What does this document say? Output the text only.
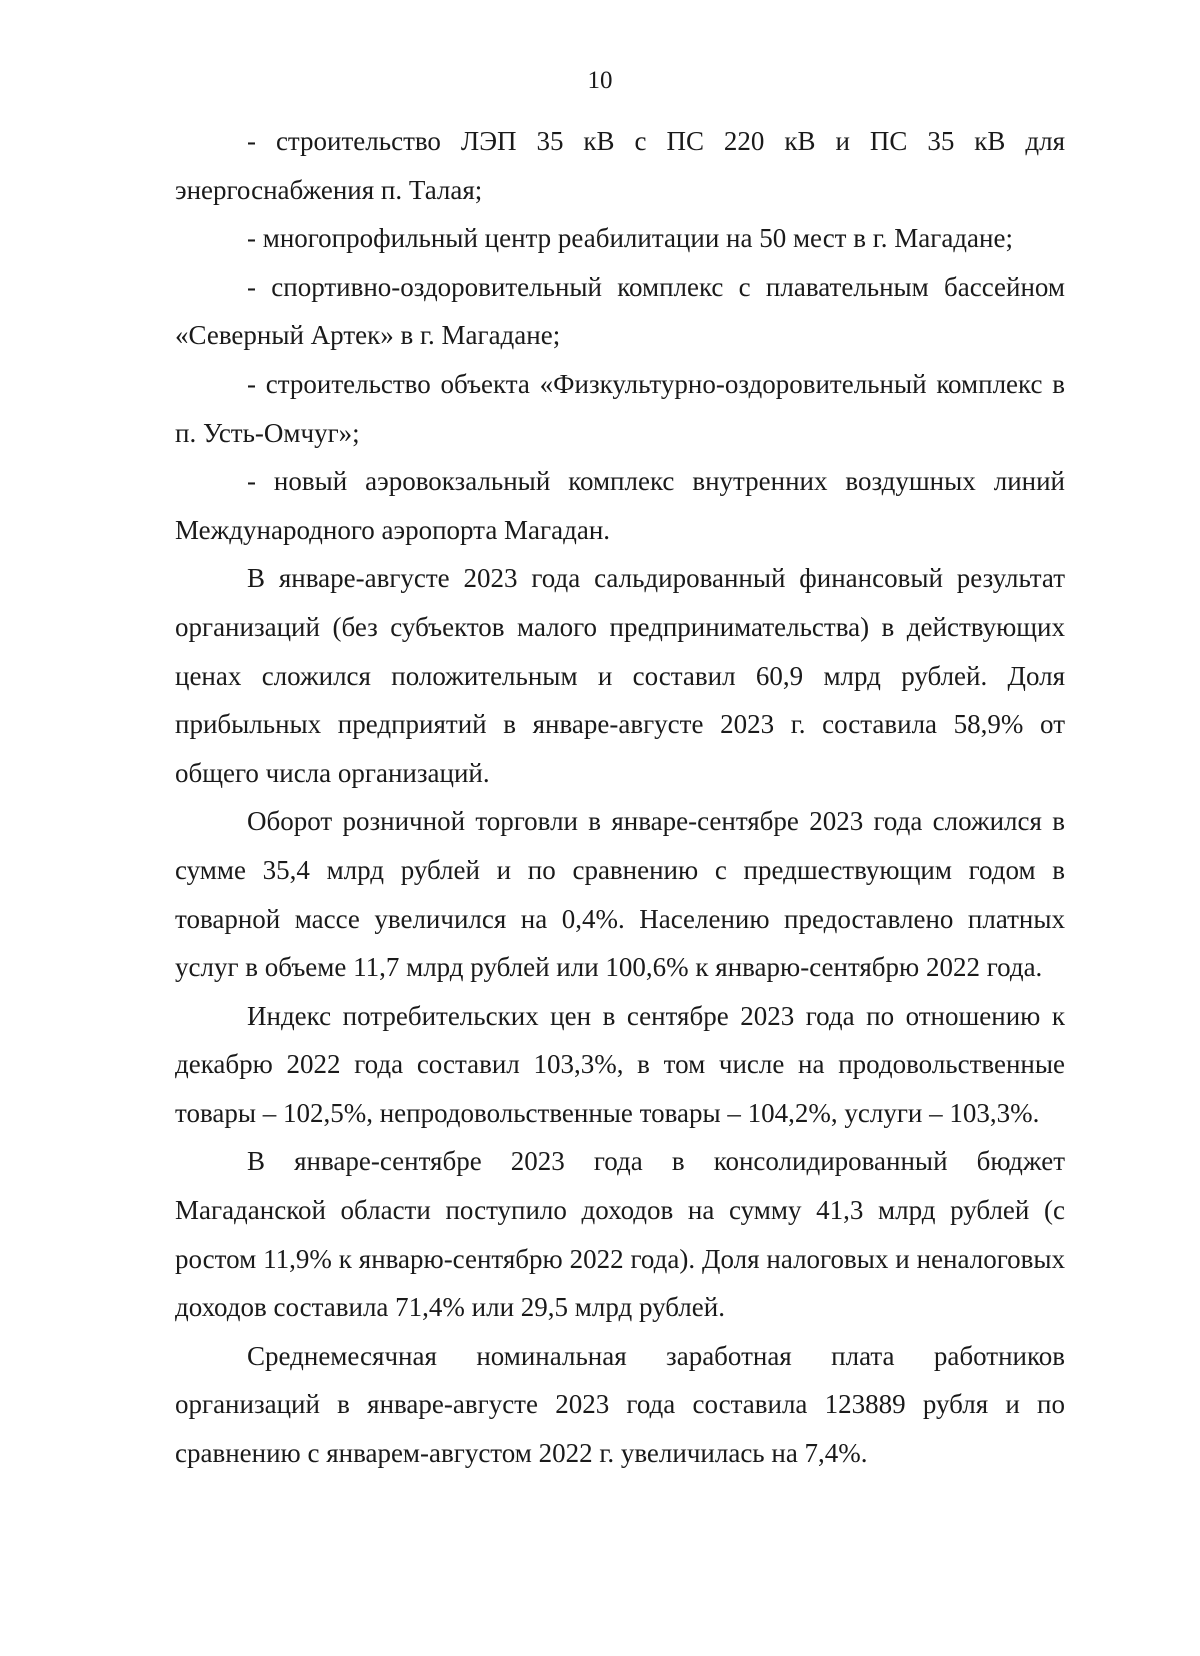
10

- строительство ЛЭП 35 кВ с ПС 220 кВ и ПС 35 кВ для энергоснабжения п. Талая;

- многопрофильный центр реабилитации на 50 мест в г. Магадане;

- спортивно-оздоровительный комплекс с плавательным бассейном «Северный Артек» в г. Магадане;

- строительство объекта «Физкультурно-оздоровительный комплекс в п. Усть-Омчуг»;

- новый аэровокзальный комплекс внутренних воздушных линий Международного аэропорта Магадан.

В январе-августе 2023 года сальдированный финансовый результат организаций (без субъектов малого предпринимательства) в действующих ценах сложился положительным и составил 60,9 млрд рублей. Доля прибыльных предприятий в январе-августе 2023 г. составила 58,9% от общего числа организаций.

Оборот розничной торговли в январе-сентябре 2023 года сложился в сумме 35,4 млрд рублей и по сравнению с предшествующим годом в товарной массе увеличился на 0,4%. Населению предоставлено платных услуг в объеме 11,7 млрд рублей или 100,6% к январю-сентябрю 2022 года.

Индекс потребительских цен в сентябре 2023 года по отношению к декабрю 2022 года составил 103,3%, в том числе на продовольственные товары – 102,5%, непродовольственные товары – 104,2%, услуги – 103,3%.

В январе-сентябре 2023 года в консолидированный бюджет Магаданской области поступило доходов на сумму 41,3 млрд рублей (с ростом 11,9% к январю-сентябрю 2022 года). Доля налоговых и неналоговых доходов составила 71,4% или 29,5 млрд рублей.

Среднемесячная номинальная заработная плата работников организаций в январе-августе 2023 года составила 123889 рубля и по сравнению с январем-августом 2022 г. увеличилась на 7,4%.
